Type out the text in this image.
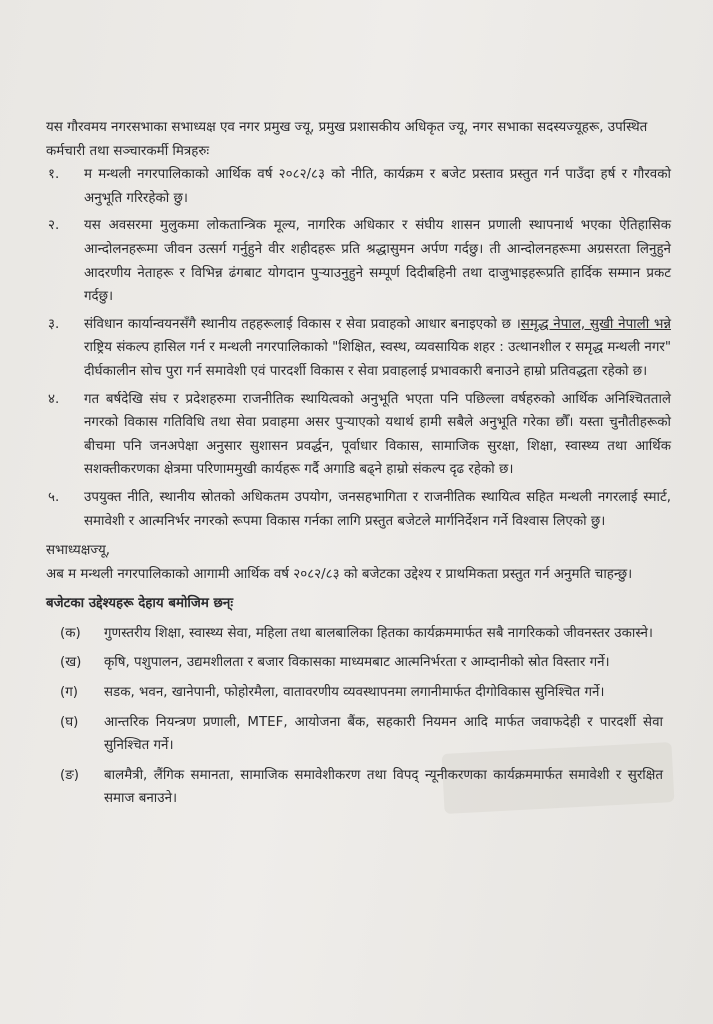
यस गौरवमय नगरसभाका सभाध्यक्ष एव नगर प्रमुख ज्यू, प्रमुख प्रशासकीय अधिकृत ज्यू, नगर सभाका सदस्यज्यूहरू, उपस्थित कर्मचारी तथा सञ्चारकर्मी मित्रहरुः

१.	म मन्थली नगरपालिकाको आर्थिक वर्ष २०८२/८३ को नीति, कार्यक्रम र बजेट प्रस्ताव प्रस्तुत गर्न पाउँदा हर्ष र गौरवको अनुभूति गरिरहेको छु।
२.	यस अवसरमा मुलुकमा लोकतान्त्रिक मूल्य, नागरिक अधिकार र संघीय शासन प्रणाली स्थापनार्थ भएका ऐतिहासिक आन्दोलनहरूमा जीवन उत्सर्ग गर्नुहुने वीर शहीदहरू प्रति श्रद्धासुमन अर्पण गर्दछु। ती आन्दोलनहरूमा अग्रसरता लिनुहुने आदरणीय नेताहरू र विभिन्न ढंगबाट योगदान पुऱ्याउनुहुने सम्पूर्ण दिदीबहिनी तथा दाजुभाइहरूप्रति हार्दिक सम्मान प्रकट गर्दछु।
३.	संविधान कार्यान्वयनसँगै स्थानीय तहहरूलाई विकास र सेवा प्रवाहको आधार बनाइएको छ ।समृद्ध नेपाल, सुखी नेपाली भन्ने राष्ट्रिय संकल्प हासिल गर्न र मन्थली नगरपालिकाको "शिक्षित, स्वस्थ, व्यवसायिक शहर : उत्थानशील र समृद्ध मन्थली नगर" दीर्घकालीन सोच पुरा गर्न समावेशी एवं पारदर्शी विकास र सेवा प्रवाहलाई प्रभावकारी बनाउने हाम्रो प्रतिवद्धता रहेको छ।
४.	गत बर्षदेखि संघ र प्रदेशहरुमा राजनीतिक स्थायित्वको अनुभूति भएता पनि पछिल्ला वर्षहरुको आर्थिक अनिश्चितताले नगरको विकास गतिविधि तथा सेवा प्रवाहमा असर पुऱ्याएको यथार्थ हामी सबैले अनुभूति गरेका छौँ। यस्ता चुनौतीहरूको बीचमा पनि जनअपेक्षा अनुसार सुशासन प्रवर्द्धन, पूर्वाधार विकास, सामाजिक सुरक्षा, शिक्षा, स्वास्थ्य तथा आर्थिक सशक्तीकरणका क्षेत्रमा परिणाममुखी कार्यहरू गर्दै अगाडि बढ्ने हाम्रो संकल्प दृढ रहेको छ।
५.	उपयुक्त नीति, स्थानीय स्रोतको अधिकतम उपयोग, जनसहभागिता र राजनीतिक स्थायित्व सहित मन्थली नगरलाई स्मार्ट, समावेशी र आत्मनिर्भर नगरको रूपमा विकास गर्नका लागि प्रस्तुत बजेटले मार्गनिर्देशन गर्ने विश्वास लिएको छु।

सभाध्यक्षज्यू,
अब म मन्थली नगरपालिकाको आगामी आर्थिक वर्ष २०८२/८३ को बजेटका उद्देश्य र प्राथमिकता प्रस्तुत गर्न अनुमति चाहन्छु।

बजेटका उद्देश्यहरू देहाय बमोजिम छन्ः
(क)	गुणस्तरीय शिक्षा, स्वास्थ्य सेवा, महिला तथा बालबालिका हितका कार्यक्रममार्फत सबै नागरिकको जीवनस्तर उकास्ने।
(ख)	कृषि, पशुपालन, उद्यमशीलता र बजार विकासका माध्यमबाट आत्मनिर्भरता र आम्दानीको स्रोत विस्तार गर्ने।
(ग)	सडक, भवन, खानेपानी, फोहोरमैला, वातावरणीय व्यवस्थापनमा लगानीमार्फत दीगोविकास सुनिश्चित गर्ने।
(घ)	आन्तरिक नियन्त्रण प्रणाली, MTEF, आयोजना बैंक, सहकारी नियमन आदि मार्फत जवाफदेही र पारदर्शी सेवा सुनिश्चित गर्ने।
(ङ)	बालमैत्री, लैंगिक समानता, सामाजिक समावेशीकरण तथा विपद् न्यूनीकरणका कार्यक्रममार्फत समावेशी र सुरक्षित समाज बनाउने।
